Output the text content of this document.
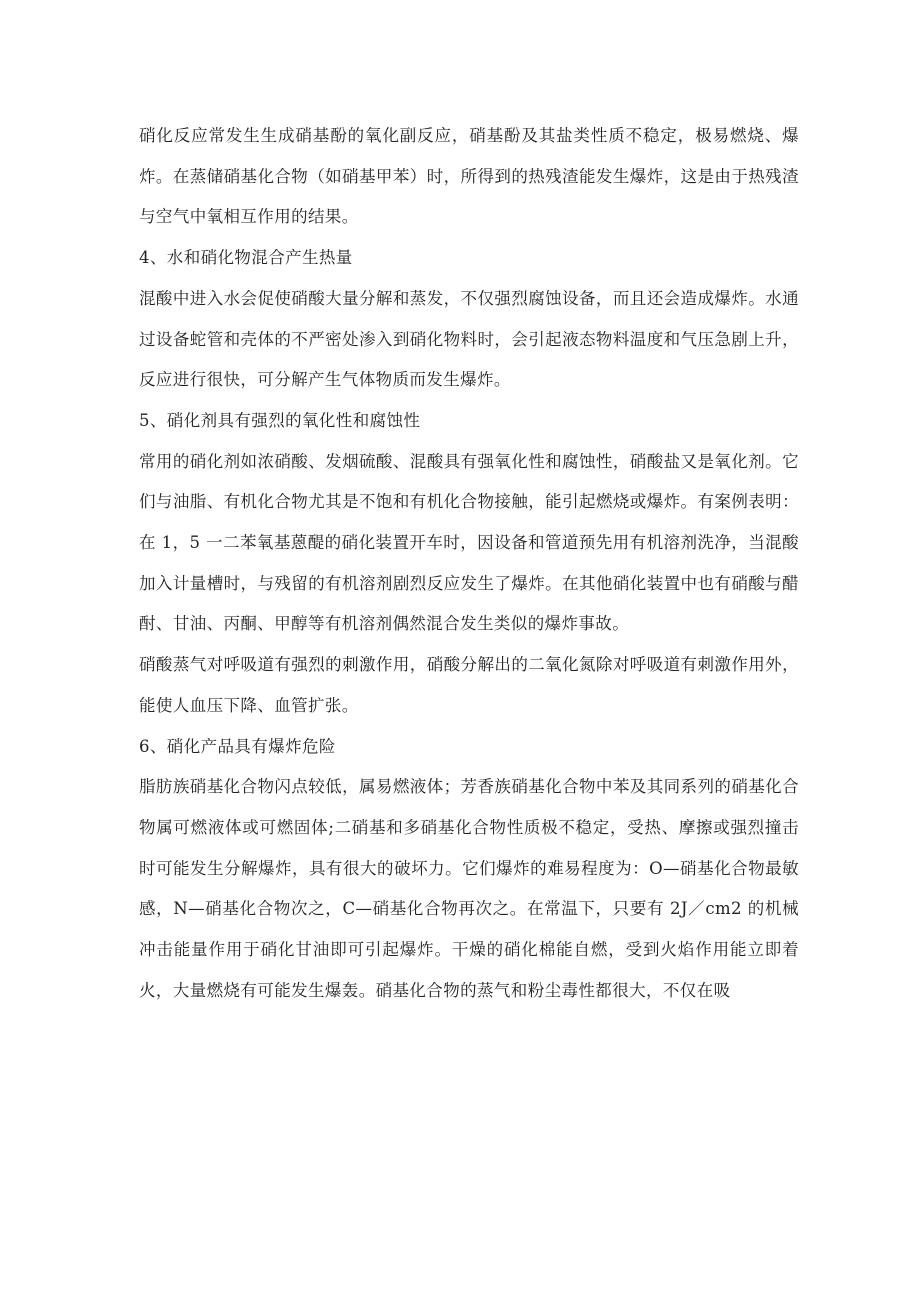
硝化反应常发生生成硝基酚的氧化副反应，硝基酚及其盐类性质不稳定，极易燃烧、爆炸。在蒸储硝基化合物（如硝基甲苯）时，所得到的热残渣能发生爆炸，这是由于热残渣与空气中氧相互作用的结果。

4、水和硝化物混合产生热量

混酸中进入水会促使硝酸大量分解和蒸发，不仅强烈腐蚀设备，而且还会造成爆炸。水通过设备蛇管和壳体的不严密处渗入到硝化物料时，会引起液态物料温度和气压急剧上升，反应进行很快，可分解产生气体物质而发生爆炸。

5、硝化剂具有强烈的氧化性和腐蚀性

常用的硝化剂如浓硝酸、发烟硫酸、混酸具有强氧化性和腐蚀性，硝酸盐又是氧化剂。它们与油脂、有机化合物尤其是不饱和有机化合物接触，能引起燃烧或爆炸。有案例表明：在 1，5 一二苯氧基蒽醍的硝化装置开车时，因设备和管道预先用有机溶剂洗净，当混酸加入计量槽时，与残留的有机溶剂剧烈反应发生了爆炸。在其他硝化装置中也有硝酸与醋酎、甘油、丙酮、甲醇等有机溶剂偶然混合发生类似的爆炸事故。

硝酸蒸气对呼吸道有强烈的刺激作用，硝酸分解出的二氧化氮除对呼吸道有刺激作用外，能使人血压下降、血管扩张。

6、硝化产品具有爆炸危险

脂肪族硝基化合物闪点较低，属易燃液体；芳香族硝基化合物中苯及其同系列的硝基化合物属可燃液体或可燃固体;二硝基和多硝基化合物性质极不稳定，受热、摩擦或强烈撞击时可能发生分解爆炸，具有很大的破坏力。它们爆炸的难易程度为：O—硝基化合物最敏感，N—硝基化合物次之，C—硝基化合物再次之。在常温下，只要有 2J／cm2 的机械冲击能量作用于硝化甘油即可引起爆炸。干燥的硝化棉能自燃，受到火焰作用能立即着火，大量燃烧有可能发生爆轰。硝基化合物的蒸气和粉尘毒性都很大，不仅在吸
